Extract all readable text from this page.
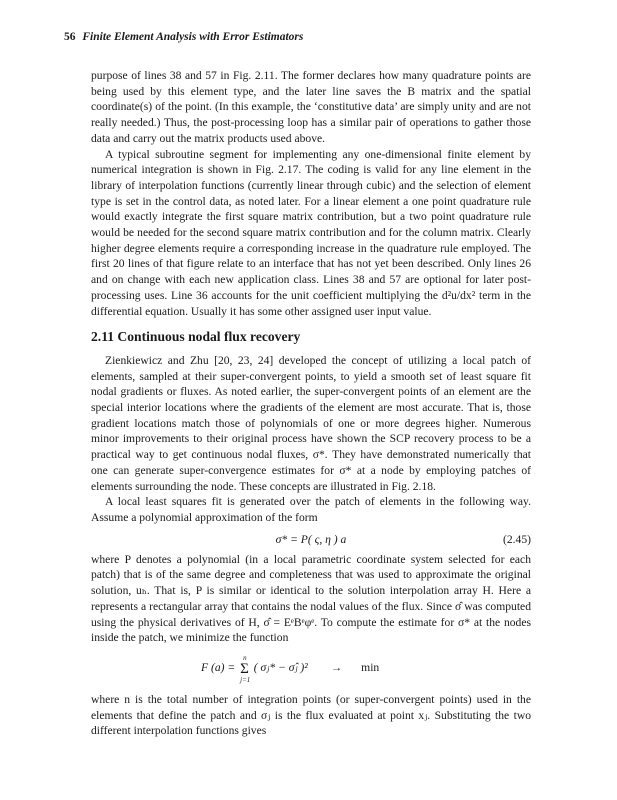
56 Finite Element Analysis with Error Estimators

purpose of lines 38 and 57 in Fig. 2.11. The former declares how many quadrature points are being used by this element type, and the later line saves the B matrix and the spatial coordinate(s) of the point. (In this example, the ‘constitutive data’ are simply unity and are not really needed.) Thus, the post-processing loop has a similar pair of operations to gather those data and carry out the matrix products used above.

A typical subroutine segment for implementing any one-dimensional finite element by numerical integration is shown in Fig. 2.17. The coding is valid for any line element in the library of interpolation functions (currently linear through cubic) and the selection of element type is set in the control data, as noted later. For a linear element a one point quadrature rule would exactly integrate the first square matrix contribution, but a two point quadrature rule would be needed for the second square matrix contribution and for the column matrix. Clearly higher degree elements require a corresponding increase in the quadrature rule employed. The first 20 lines of that figure relate to an interface that has not yet been described. Only lines 26 and on change with each new application class. Lines 38 and 57 are optional for later post-processing uses. Line 36 accounts for the unit coefficient multiplying the d²u/dx² term in the differential equation. Usually it has some other assigned user input value.

2.11 Continuous nodal flux recovery

Zienkiewicz and Zhu [20, 23, 24] developed the concept of utilizing a local patch of elements, sampled at their super-convergent points, to yield a smooth set of least square fit nodal gradients or fluxes. As noted earlier, the super-convergent points of an element are the special interior locations where the gradients of the element are most accurate. That is, those gradient locations match those of polynomials of one or more degrees higher. Numerous minor improvements to their original process have shown the SCP recovery process to be a practical way to get continuous nodal fluxes, σ*. They have demonstrated numerically that one can generate super-convergence estimates for σ* at a node by employing patches of elements surrounding the node. These concepts are illustrated in Fig. 2.18.

A local least squares fit is generated over the patch of elements in the following way. Assume a polynomial approximation of the form

σ* = P( ς, η ) a	(2.45)

where P denotes a polynomial (in a local parametric coordinate system selected for each patch) that is of the same degree and completeness that was used to approximate the original solution, uₕ. That is, P is similar or identical to the solution interpolation array H. Here a represents a rectangular array that contains the nodal values of the flux. Since σ̂ was computed using the physical derivatives of H, σ̂ = EᵉBᵉφᵉ. To compute the estimate for σ* at the nodes inside the patch, we minimize the function

F (a) = Σ
n
j=1
( σⱼ* − σ̂ⱼ )² → min

where n is the total number of integration points (or super-convergent points) used in the elements that define the patch and σⱼ is the flux evaluated at point xⱼ. Substituting the two different interpolation functions gives
